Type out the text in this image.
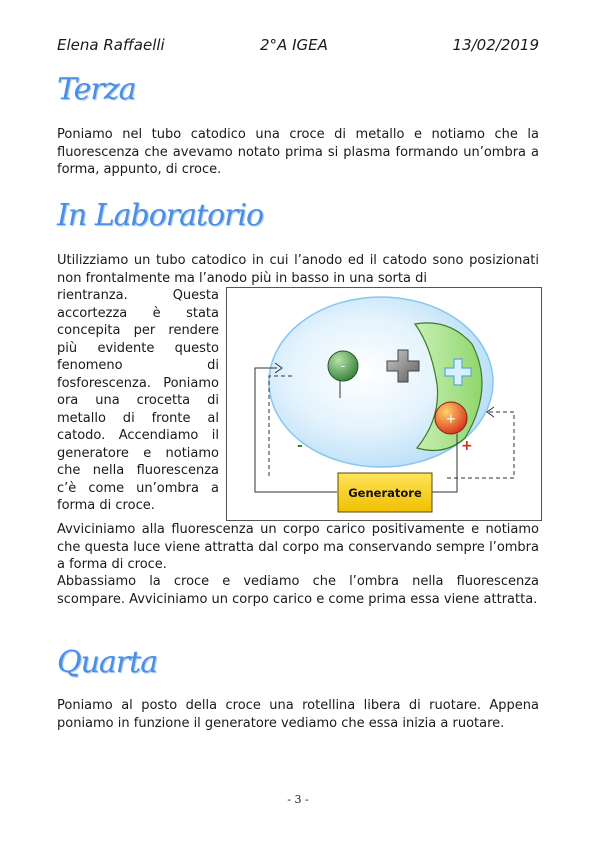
Elena Raffaelli	2°A IGEA	13/02/2019
Terza

Poniamo nel tubo catodico una croce di metallo e notiamo che la fluorescenza che avevamo notato prima si plasma formando un’ombra a forma, appunto, di croce.

In Laboratorio

Utilizziamo un tubo catodico in cui l’anodo ed il catodo sono posizionati non frontalmente ma l’anodo più in basso in una sorta di

rientranza. Questa accortezza è stata concepita per rendere più evidente questo fenomeno di fosforescenza. Poniamo ora una crocetta di metallo di fronte al catodo. Accendiamo il generatore e notiamo che nella fluorescenza c’è come un’ombra a forma di croce.

-
+
-	+
Generatore

Avviciniamo alla fluorescenza un corpo carico positivamente e notiamo che questa luce viene attratta dal corpo ma conservando sempre l’ombra a forma di croce.

Abbassiamo la croce e vediamo che l’ombra nella fluorescenza scompare. Avviciniamo un corpo carico e come prima essa viene attratta.

Quarta

Poniamo al posto della croce una rotellina libera di ruotare. Appena poniamo in funzione il generatore vediamo che essa inizia a ruotare.

- 3 -
